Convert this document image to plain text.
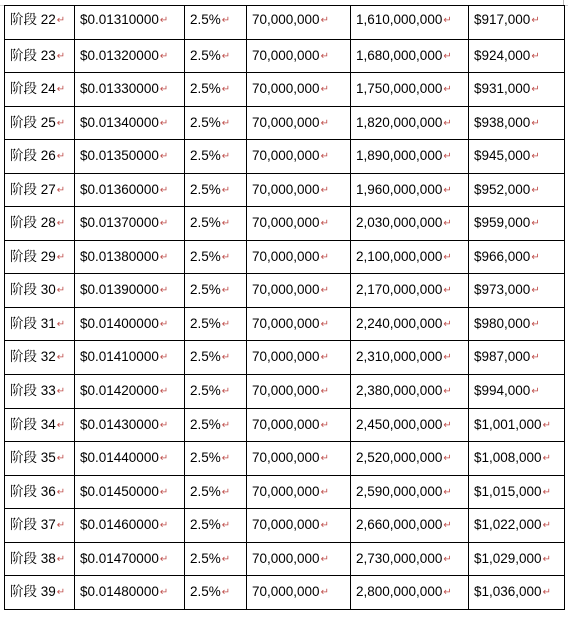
阶段 22↵	$0.01310000↵	2.5%↵	70,000,000↵	1,610,000,000↵	$917,000↵
阶段 23↵	$0.01320000↵	2.5%↵	70,000,000↵	1,680,000,000↵	$924,000↵
阶段 24↵	$0.01330000↵	2.5%↵	70,000,000↵	1,750,000,000↵	$931,000↵
阶段 25↵	$0.01340000↵	2.5%↵	70,000,000↵	1,820,000,000↵	$938,000↵
阶段 26↵	$0.01350000↵	2.5%↵	70,000,000↵	1,890,000,000↵	$945,000↵
阶段 27↵	$0.01360000↵	2.5%↵	70,000,000↵	1,960,000,000↵	$952,000↵
阶段 28↵	$0.01370000↵	2.5%↵	70,000,000↵	2,030,000,000↵	$959,000↵
阶段 29↵	$0.01380000↵	2.5%↵	70,000,000↵	2,100,000,000↵	$966,000↵
阶段 30↵	$0.01390000↵	2.5%↵	70,000,000↵	2,170,000,000↵	$973,000↵
阶段 31↵	$0.01400000↵	2.5%↵	70,000,000↵	2,240,000,000↵	$980,000↵
阶段 32↵	$0.01410000↵	2.5%↵	70,000,000↵	2,310,000,000↵	$987,000↵
阶段 33↵	$0.01420000↵	2.5%↵	70,000,000↵	2,380,000,000↵	$994,000↵
阶段 34↵	$0.01430000↵	2.5%↵	70,000,000↵	2,450,000,000↵	$1,001,000↵
阶段 35↵	$0.01440000↵	2.5%↵	70,000,000↵	2,520,000,000↵	$1,008,000↵
阶段 36↵	$0.01450000↵	2.5%↵	70,000,000↵	2,590,000,000↵	$1,015,000↵
阶段 37↵	$0.01460000↵	2.5%↵	70,000,000↵	2,660,000,000↵	$1,022,000↵
阶段 38↵	$0.01470000↵	2.5%↵	70,000,000↵	2,730,000,000↵	$1,029,000↵
阶段 39↵	$0.01480000↵	2.5%↵	70,000,000↵	2,800,000,000↵	$1,036,000↵
